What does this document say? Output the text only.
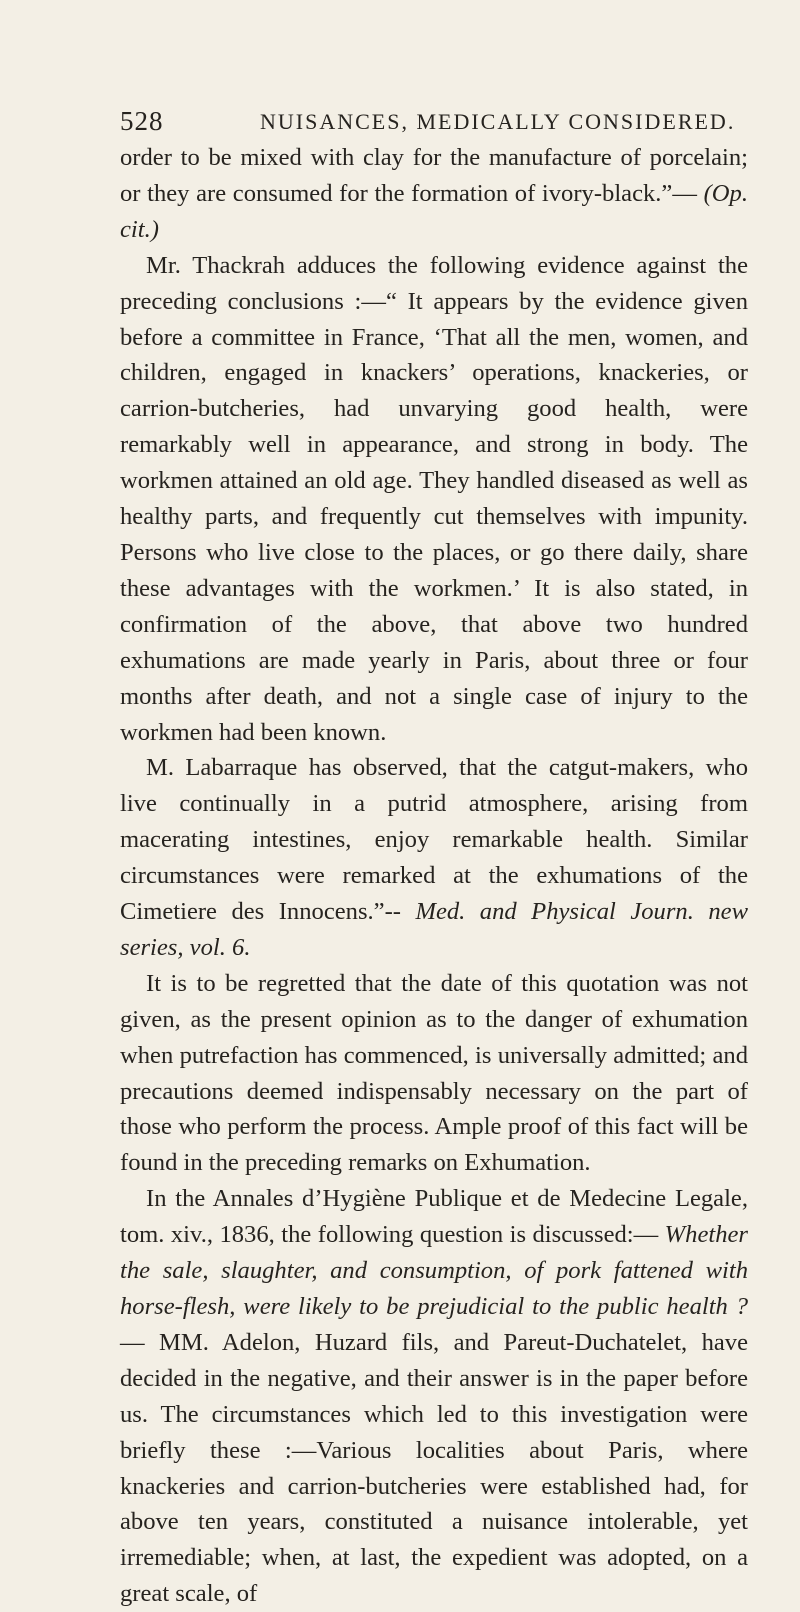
528	NUISANCES, MEDICALLY CONSIDERED.

order to be mixed with clay for the manufacture of porcelain; or they are consumed for the formation of ivory-black.”— (Op. cit.)

Mr. Thackrah adduces the following evidence against the preceding conclusions :—“ It appears by the evidence given before a committee in France, ‘That all the men, women, and children, engaged in knackers’ operations, knackeries, or carrion-butcheries, had unvarying good health, were remarkably well in appearance, and strong in body. The workmen attained an old age. They handled diseased as well as healthy parts, and frequently cut themselves with impunity. Persons who live close to the places, or go there daily, share these advantages with the workmen.’ It is also stated, in confirmation of the above, that above two hundred exhumations are made yearly in Paris, about three or four months after death, and not a single case of injury to the workmen had been known.

M. Labarraque has observed, that the catgut-makers, who live continually in a putrid atmosphere, arising from macerating intestines, enjoy remarkable health. Similar circumstances were remarked at the exhumations of the Cimetiere des Innocens.”-- Med. and Physical Journ. new series, vol. 6.

It is to be regretted that the date of this quotation was not given, as the present opinion as to the danger of exhumation when putrefaction has commenced, is universally admitted; and precautions deemed indispensably necessary on the part of those who perform the process. Ample proof of this fact will be found in the preceding remarks on Exhumation.

In the Annales d’Hygiène Publique et de Medecine Legale, tom. xiv., 1836, the following question is discussed:— Whether the sale, slaughter, and consumption, of pork fattened with horse-flesh, were likely to be prejudicial to the public health ?— MM. Adelon, Huzard fils, and Pareut-Duchatelet, have decided in the negative, and their answer is in the paper before us. The circumstances which led to this investigation were briefly these :—Various localities about Paris, where knackeries and carrion-butcheries were established had, for above ten years, constituted a nuisance intolerable, yet irremediable; when, at last, the expedient was adopted, on a great scale, of
